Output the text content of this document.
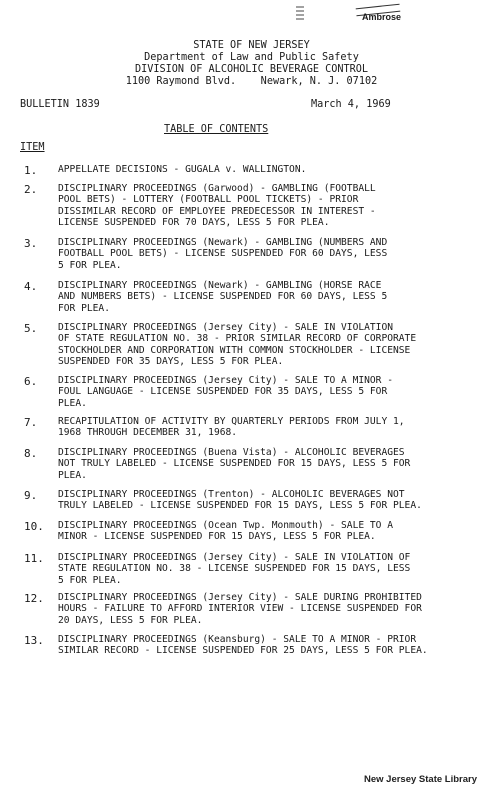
Ambrose
STATE OF NEW JERSEY
Department of Law and Public Safety
DIVISION OF ALCOHOLIC BEVERAGE CONTROL
1100 Raymond Blvd.    Newark, N. J. 07102
BULLETIN 1839	March 4, 1969
TABLE OF CONTENTS
ITEM
1. APPELLATE DECISIONS - GUGALA v. WALLINGTON.
2. DISCIPLINARY PROCEEDINGS (Garwood) - GAMBLING (FOOTBALL
POOL BETS) - LOTTERY (FOOTBALL POOL TICKETS) - PRIOR
DISSIMILAR RECORD OF EMPLOYEE PREDECESSOR IN INTEREST -
LICENSE SUSPENDED FOR 70 DAYS, LESS 5 FOR PLEA.
3. DISCIPLINARY PROCEEDINGS (Newark) - GAMBLING (NUMBERS AND
FOOTBALL POOL BETS) - LICENSE SUSPENDED FOR 60 DAYS, LESS
5 FOR PLEA.
4. DISCIPLINARY PROCEEDINGS (Newark) - GAMBLING (HORSE RACE
AND NUMBERS BETS) - LICENSE SUSPENDED FOR 60 DAYS, LESS 5
FOR PLEA.
5. DISCIPLINARY PROCEEDINGS (Jersey City) - SALE IN VIOLATION
OF STATE REGULATION NO. 38 - PRIOR SIMILAR RECORD OF CORPORATE
STOCKHOLDER AND CORPORATION WITH COMMON STOCKHOLDER - LICENSE
SUSPENDED FOR 35 DAYS, LESS 5 FOR PLEA.
6. DISCIPLINARY PROCEEDINGS (Jersey City) - SALE TO A MINOR -
FOUL LANGUAGE - LICENSE SUSPENDED FOR 35 DAYS, LESS 5 FOR
PLEA.
7. RECAPITULATION OF ACTIVITY BY QUARTERLY PERIODS FROM JULY 1,
1968 THROUGH DECEMBER 31, 1968.
8. DISCIPLINARY PROCEEDINGS (Buena Vista) - ALCOHOLIC BEVERAGES
NOT TRULY LABELED - LICENSE SUSPENDED FOR 15 DAYS, LESS 5 FOR
PLEA.
9. DISCIPLINARY PROCEEDINGS (Trenton) - ALCOHOLIC BEVERAGES NOT
TRULY LABELED - LICENSE SUSPENDED FOR 15 DAYS, LESS 5 FOR PLEA.
10. DISCIPLINARY PROCEEDINGS (Ocean Twp. Monmouth) - SALE TO A
MINOR - LICENSE SUSPENDED FOR 15 DAYS, LESS 5 FOR PLEA.
11. DISCIPLINARY PROCEEDINGS (Jersey City) - SALE IN VIOLATION OF
STATE REGULATION NO. 38 - LICENSE SUSPENDED FOR 15 DAYS, LESS
5 FOR PLEA.
12. DISCIPLINARY PROCEEDINGS (Jersey City) - SALE DURING PROHIBITED
HOURS - FAILURE TO AFFORD INTERIOR VIEW - LICENSE SUSPENDED FOR
20 DAYS, LESS 5 FOR PLEA.
13. DISCIPLINARY PROCEEDINGS (Keansburg) - SALE TO A MINOR - PRIOR
SIMILAR RECORD - LICENSE SUSPENDED FOR 25 DAYS, LESS 5 FOR PLEA.
New Jersey State Library
